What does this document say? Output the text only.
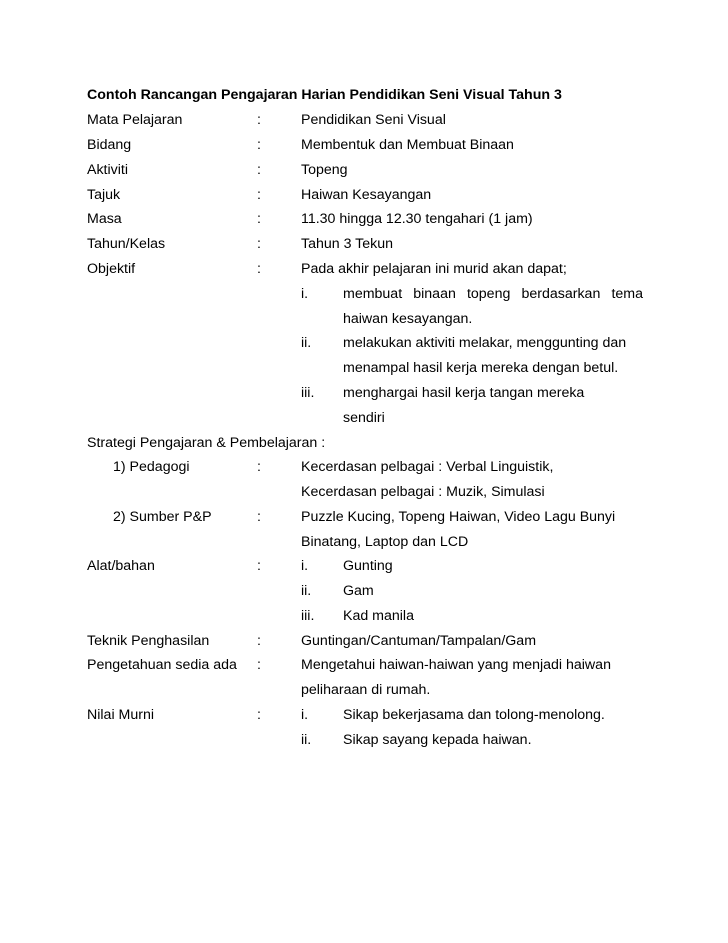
Contoh Rancangan Pengajaran Harian Pendidikan Seni Visual Tahun 3
Mata Pelajaran	:	Pendidikan Seni Visual
Bidang	:	Membentuk dan Membuat Binaan
Aktiviti	:	Topeng
Tajuk	:	Haiwan Kesayangan
Masa	:	11.30 hingga 12.30 tengahari (1 jam)
Tahun/Kelas	:	Tahun 3 Tekun
Objektif	:	Pada akhir pelajaran ini murid akan dapat;
i. membuat binaan topeng berdasarkan tema
haiwan kesayangan.
ii. melakukan aktiviti melakar, menggunting dan
menampal hasil kerja mereka dengan betul.
iii. menghargai hasil kerja tangan mereka
sendiri
Strategi Pengajaran & Pembelajaran :
1) Pedagogi	:	Kecerdasan pelbagai : Verbal Linguistik,
Kecerdasan pelbagai : Muzik, Simulasi
2) Sumber P&P	:	Puzzle Kucing, Topeng Haiwan, Video Lagu Bunyi
Binatang, Laptop dan LCD
Alat/bahan	:	i. Gunting
ii. Gam
iii. Kad manila
Teknik Penghasilan	:	Guntingan/Cantuman/Tampalan/Gam
Pengetahuan sedia ada :	Mengetahui haiwan-haiwan yang menjadi haiwan
peliharaan di rumah.
Nilai Murni	:	i. Sikap bekerjasama dan tolong-menolong.
ii. Sikap sayang kepada haiwan.
